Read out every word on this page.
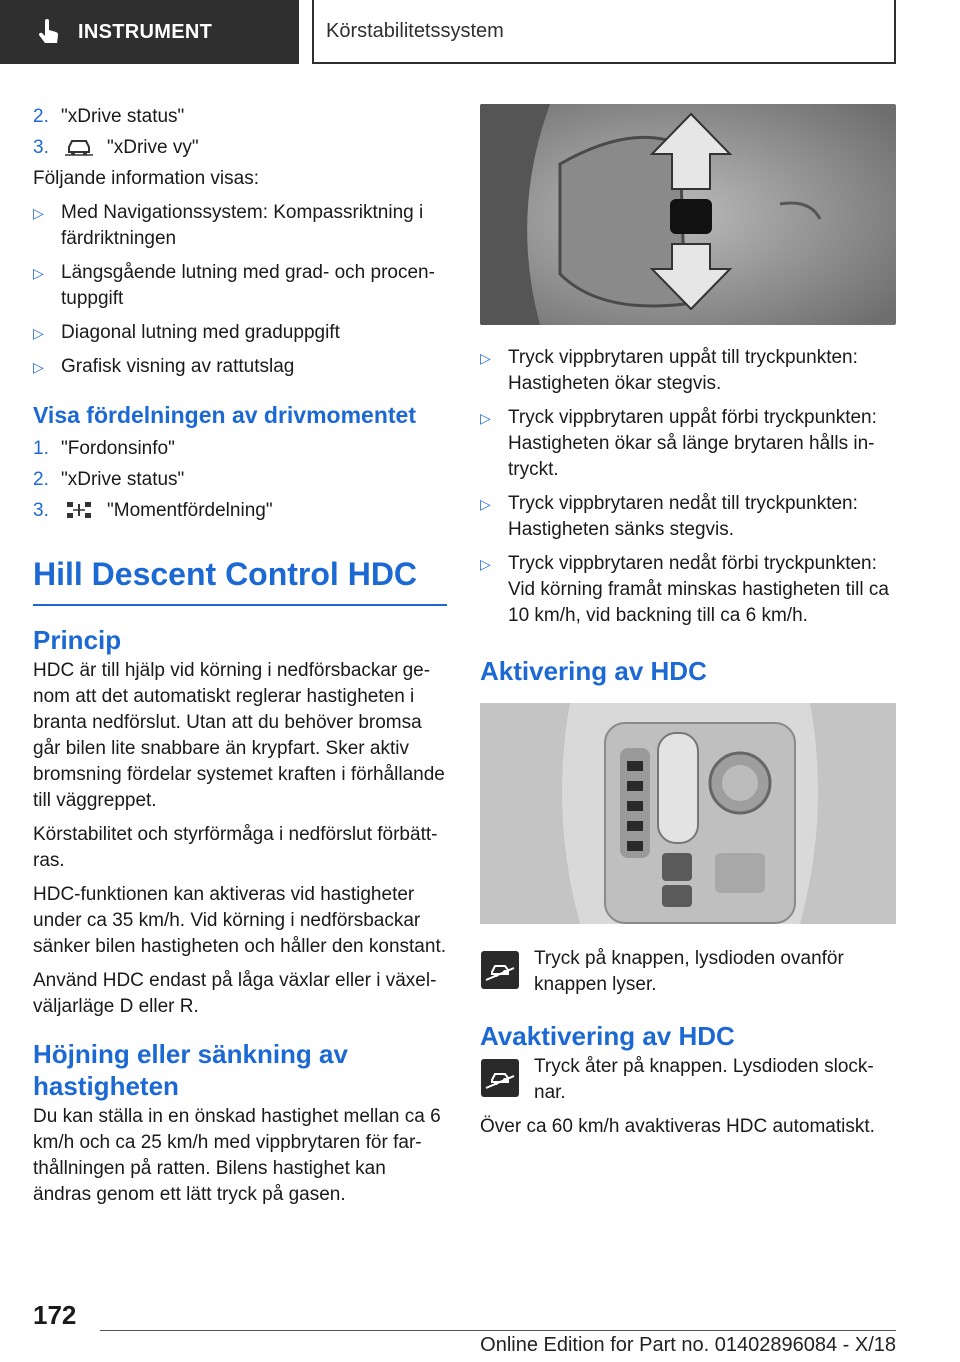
INSTRUMENT	Körstabilitetssystem
2. "xDrive status"
3.	"xDrive vy"
Följande information visas:
▷ Med Navigationssystem: Kompassriktning i färdriktningen
▷ Längsgående lutning med grad- och procentuppgift
▷ Diagonal lutning med graduppgift
▷ Grafisk visning av rattutslag
Visa fördelningen av drivmomentet
1. "Fordonsinfo"
2. "xDrive status"
3.	"Momentfördelning"
Hill Descent Control HDC
Princip
HDC är till hjälp vid körning i nedförsbackar genom att det automatiskt reglerar hastigheten i branta nedförslut. Utan att du behöver bromsa går bilen lite snabbare än krypfart. Sker aktiv bromsning fördelar systemet kraften i förhållande till väggreppet.
Körstabilitet och styrförmåga i nedförslut förbättras.
HDC-funktionen kan aktiveras vid hastigheter under ca 35 km/h. Vid körning i nedförsbackar sänker bilen hastigheten och håller den konstant.
Använd HDC endast på låga växlar eller i växelväljarläge D eller R.
Höjning eller sänkning av hastigheten
Du kan ställa in en önskad hastighet mellan ca 6 km/h och ca 25 km/h med vippbrytaren för farthållningen på ratten. Bilens hastighet kan ändras genom ett lätt tryck på gasen.
▷ Tryck vippbrytaren uppåt till tryckpunkten: Hastigheten ökar stegvis.
▷ Tryck vippbrytaren uppåt förbi tryckpunkten: Hastigheten ökar så länge brytaren hålls intryckt.
▷ Tryck vippbrytaren nedåt till tryckpunkten: Hastigheten sänks stegvis.
▷ Tryck vippbrytaren nedåt förbi tryckpunkten: Vid körning framåt minskas hastigheten till ca 10 km/h, vid backning till ca 6 km/h.
Aktivering av HDC
Tryck på knappen, lysdioden ovanför knappen lyser.
Avaktivering av HDC
Tryck åter på knappen. Lysdioden slocknar.
Över ca 60 km/h avaktiveras HDC automatiskt.
172
Online Edition for Part no. 01402896084 - X/18
